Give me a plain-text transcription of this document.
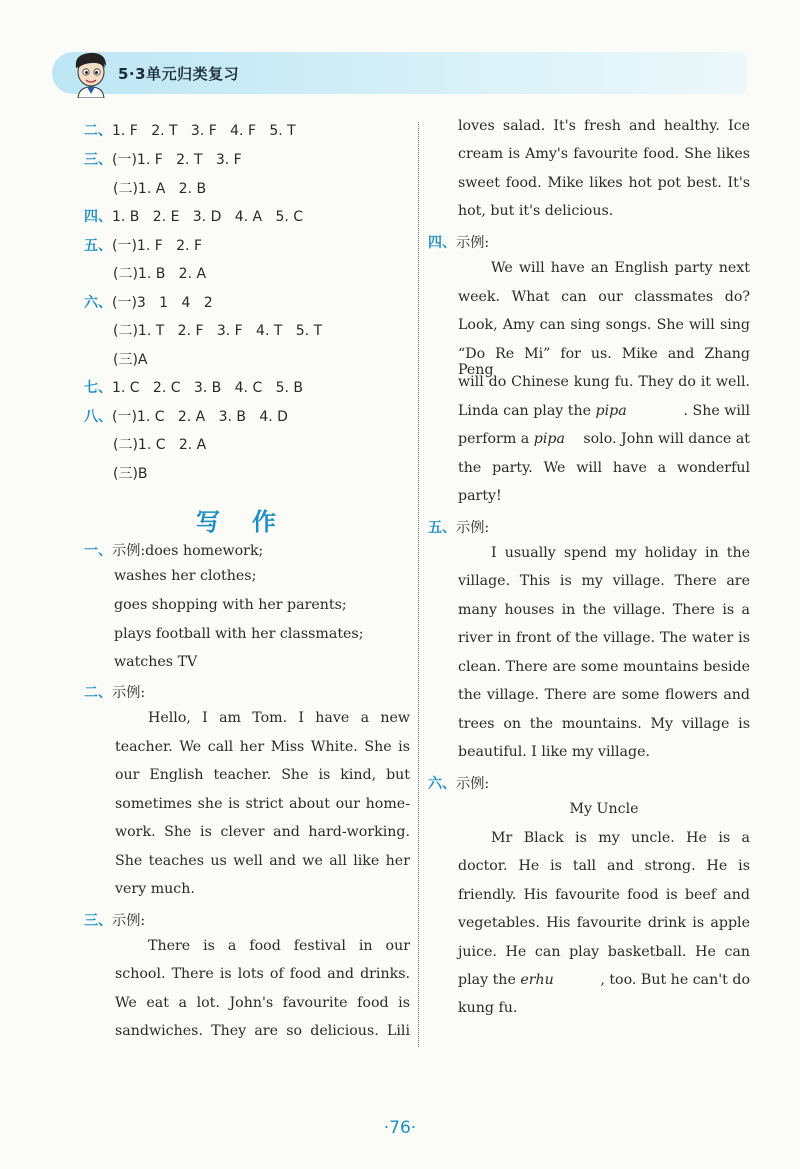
5·3单元归类复习
二、1. F   2. T   3. F   4. F   5. T
三、(一)1. F   2. T   3. F
(二)1. A   2. B
四、1. B   2. E   3. D   4. A   5. C
五、(一)1. F   2. F
(二)1. B   2. A
六、(一)3   1   4   2
(二)1. T   2. F   3. F   4. T   5. T
(三)A
七、1. C   2. C   3. B   4. C   5. B
八、(一)1. C   2. A   3. B   4. D
(二)1. C   2. A
(三)B
写作
一、示例:does homework;
washes her clothes;
goes shopping with her parents;
plays football with her classmates;
watches TV
二、示例:
Hello, I am Tom. I have a new
teacher. We call her Miss White. She is
our English teacher. She is kind, but
sometimes she is strict about our home-
work. She is clever and hard-working.
She teaches us well and we all like her
very much.
三、示例:
There is a food festival in our
school. There is lots of food and drinks.
We eat a lot. John's favourite food is
sandwiches. They are so delicious. Lili
loves salad. It's fresh and healthy. Ice
cream is Amy's favourite food. She likes
sweet food. Mike likes hot pot best. It's
hot, but it's delicious.
四、示例:
We will have an English party next
week. What can our classmates do?
Look, Amy can sing songs. She will sing
“Do Re Mi” for us. Mike and Zhang Peng
will do Chinese kung fu. They do it well.
Linda can play the pipa	. She will
perform a pipa solo. John will dance at
the party. We will have a wonderful
party!
五、示例:
I usually spend my holiday in the
village. This is my village. There are
many houses in the village. There is a
river in front of the village. The water is
clean. There are some mountains beside
the village. There are some flowers and
trees on the mountains. My village is
beautiful. I like my village.
六、示例:
My Uncle
Mr Black is my uncle. He is a
doctor. He is tall and strong. He is
friendly. His favourite food is beef and
vegetables. His favourite drink is apple
juice. He can play basketball. He can
play the erhu	, too. But he can't do
kung fu.
·76·
